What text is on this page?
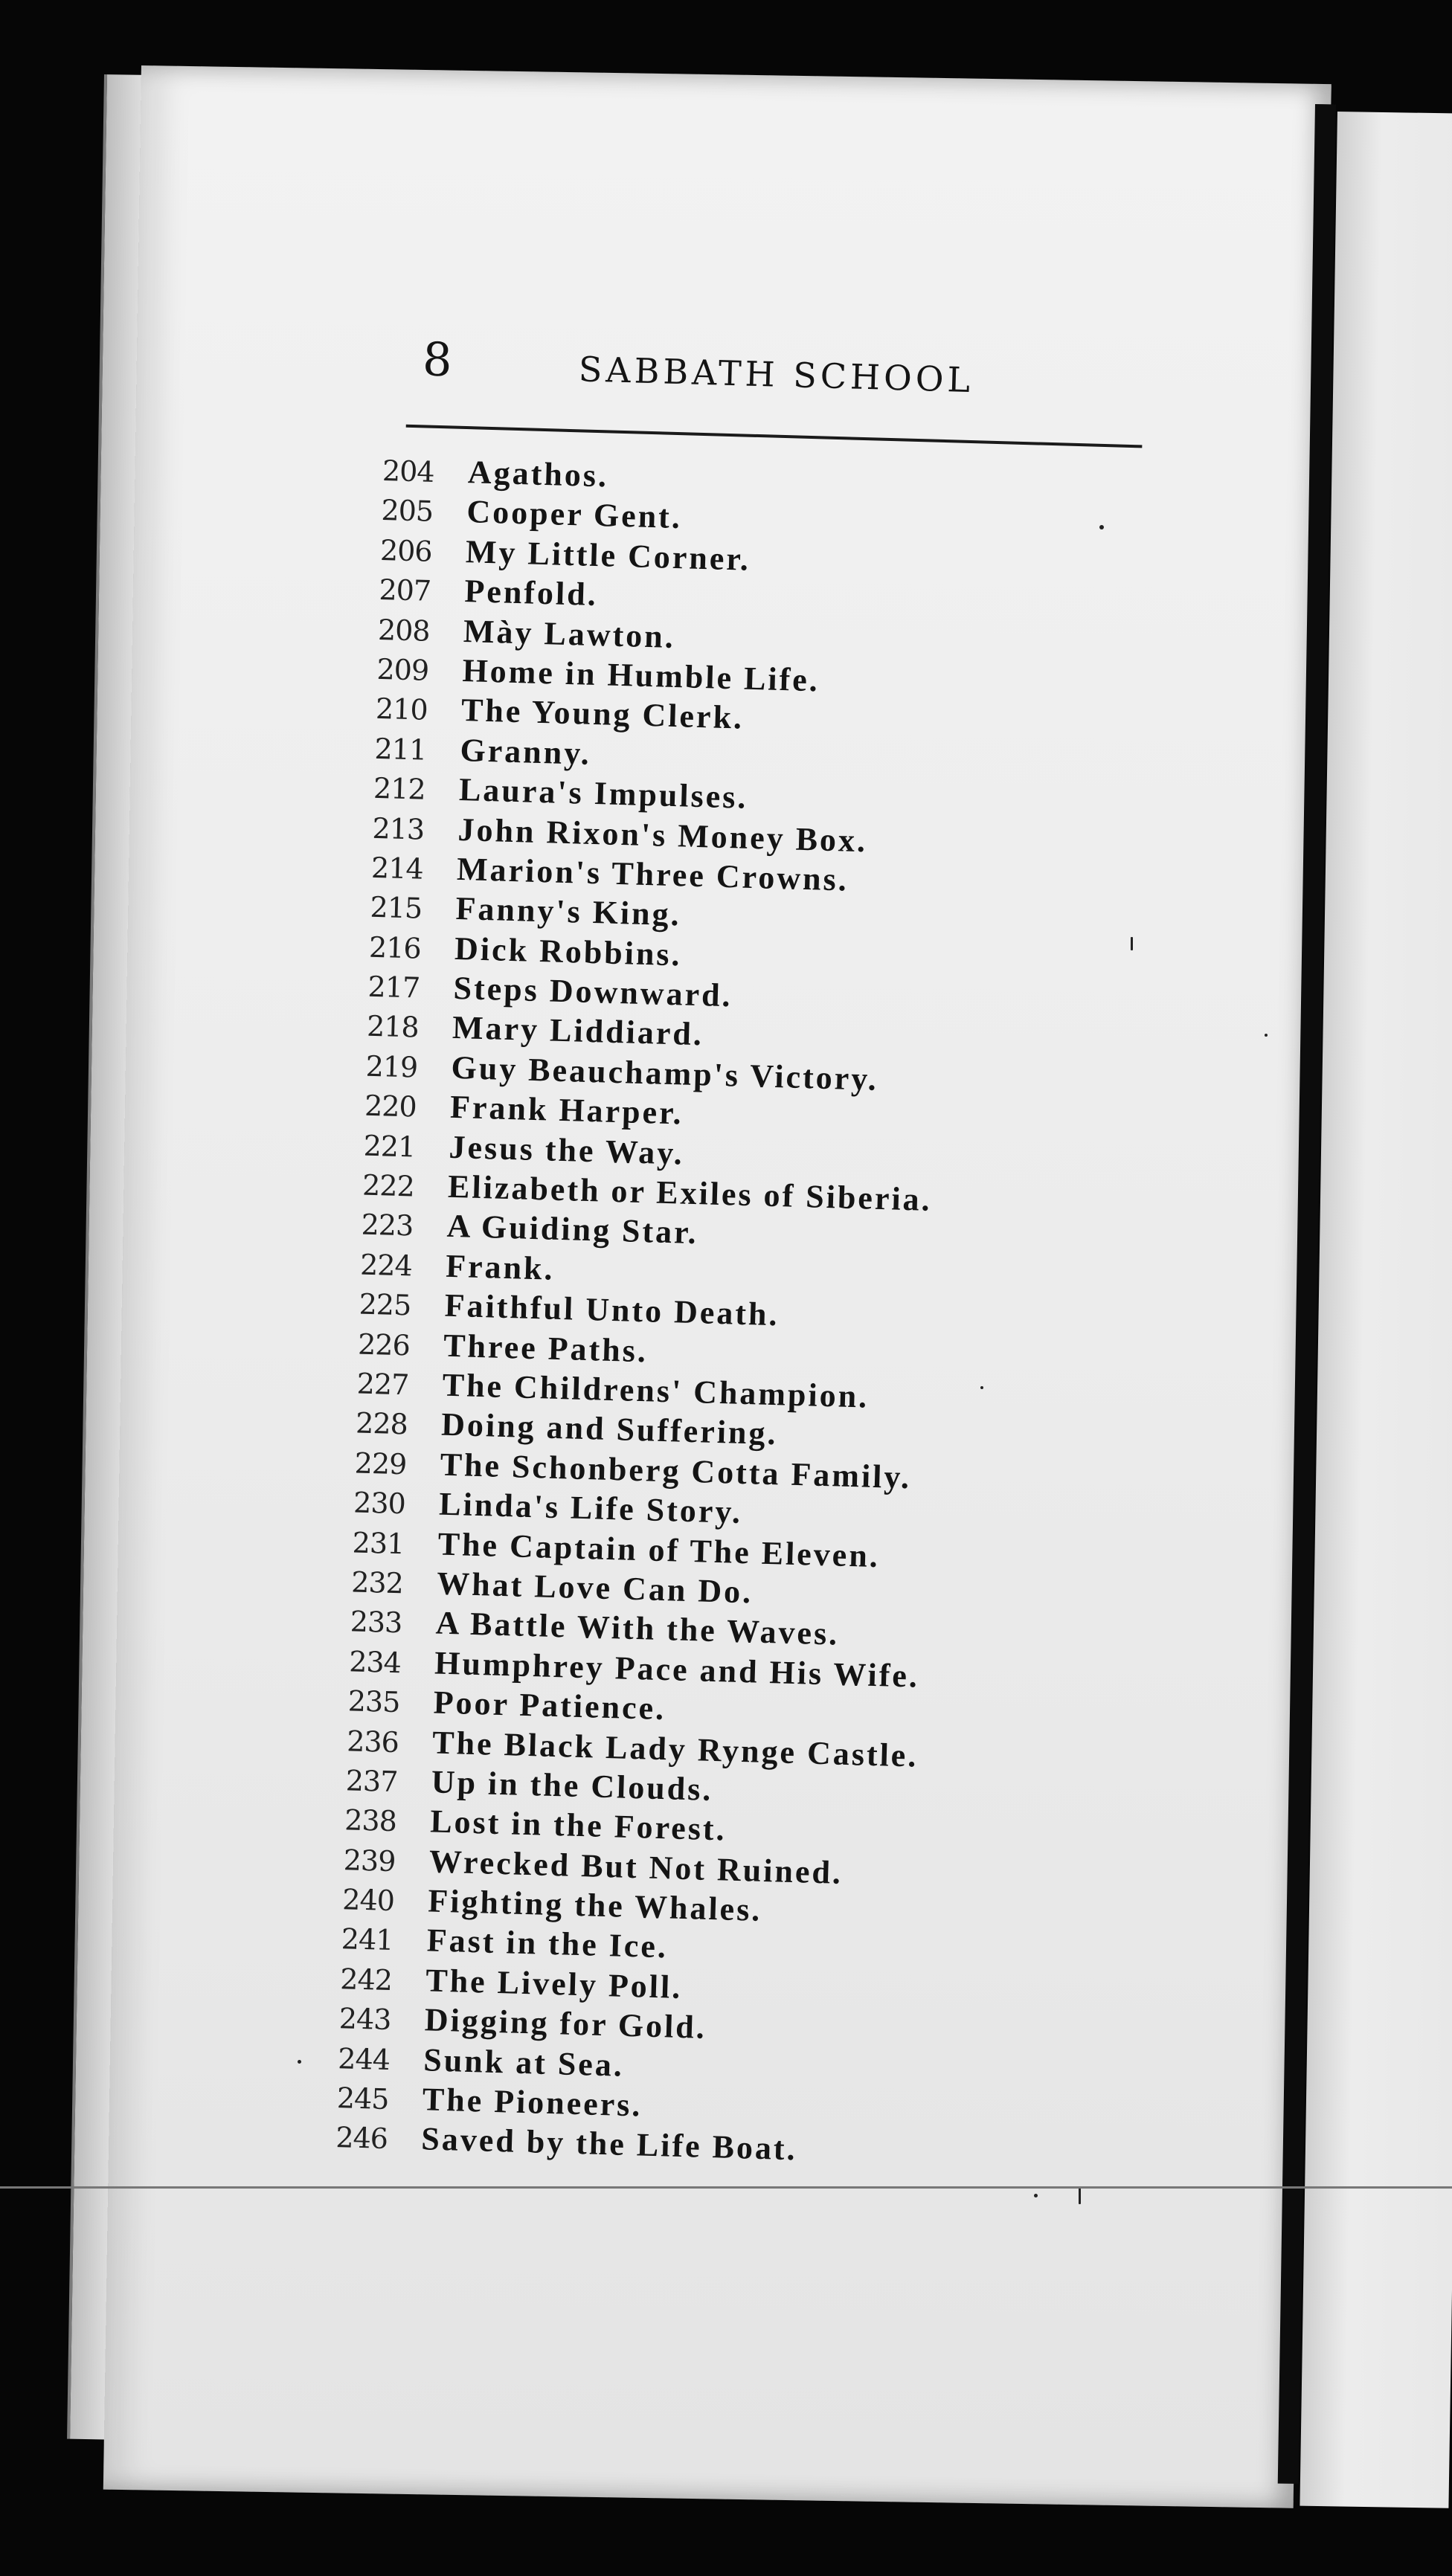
8	SABBATH SCHOOL
204	Agathos.
205	Cooper Gent.
206	My Little Corner.
207	Penfold.
208	Mày Lawton.
209	Home in Humble Life.
210	The Young Clerk.
211	Granny.
212	Laura's Impulses.
213	John Rixon's Money Box.
214	Marion's Three Crowns.
215	Fanny's King.
216	Dick Robbins.
217	Steps Downward.
218	Mary Liddiard.
219	Guy Beauchamp's Victory.
220	Frank Harper.
221	Jesus the Way.
222	Elizabeth or Exiles of Siberia.
223	A Guiding Star.
224	Frank.
225	Faithful Unto Death.
226	Three Paths.
227	The Childrens' Champion.
228	Doing and Suffering.
229	The Schonberg Cotta Family.
230	Linda's Life Story.
231	The Captain of The Eleven.
232	What Love Can Do.
233	A Battle With the Waves.
234	Humphrey Pace and His Wife.
235	Poor Patience.
236	The Black Lady Rynge Castle.
237	Up in the Clouds.
238	Lost in the Forest.
239	Wrecked But Not Ruined.
240	Fighting the Whales.
241	Fast in the Ice.
242	The Lively Poll.
243	Digging for Gold.
244	Sunk at Sea.
245	The Pioneers.
246	Saved by the Life Boat.
